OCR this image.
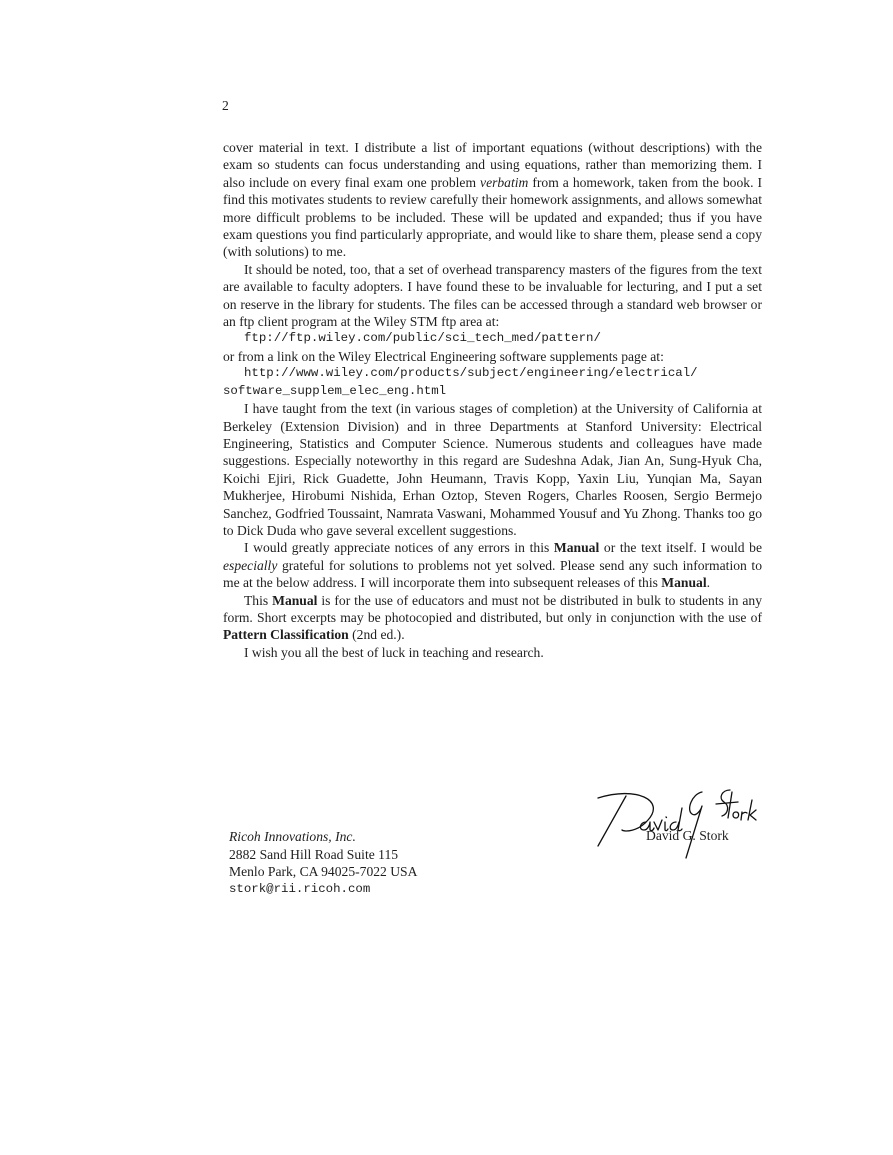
2

cover material in text. I distribute a list of important equations (without descriptions) with the exam so students can focus understanding and using equations, rather than memorizing them. I also include on every final exam one problem verbatim from a homework, taken from the book. I find this motivates students to review carefully their homework assignments, and allows somewhat more difficult problems to be included. These will be updated and expanded; thus if you have exam questions you find particularly appropriate, and would like to share them, please send a copy (with solutions) to me.

It should be noted, too, that a set of overhead transparency masters of the figures from the text are available to faculty adopters. I have found these to be invaluable for lecturing, and I put a set on reserve in the library for students. The files can be accessed through a standard web browser or an ftp client program at the Wiley STM ftp area at:

ftp://ftp.wiley.com/public/sci_tech_med/pattern/

or from a link on the Wiley Electrical Engineering software supplements page at:

http://www.wiley.com/products/subject/engineering/electrical/
software_supplem_elec_eng.html

I have taught from the text (in various stages of completion) at the University of California at Berkeley (Extension Division) and in three Departments at Stanford University: Electrical Engineering, Statistics and Computer Science. Numerous students and colleagues have made suggestions. Especially noteworthy in this regard are Sudeshna Adak, Jian An, Sung-Hyuk Cha, Koichi Ejiri, Rick Guadette, John Heumann, Travis Kopp, Yaxin Liu, Yunqian Ma, Sayan Mukherjee, Hirobumi Nishida, Erhan Oztop, Steven Rogers, Charles Roosen, Sergio Bermejo Sanchez, Godfried Toussaint, Namrata Vaswani, Mohammed Yousuf and Yu Zhong. Thanks too go to Dick Duda who gave several excellent suggestions.

I would greatly appreciate notices of any errors in this Manual or the text itself. I would be especially grateful for solutions to problems not yet solved. Please send any such information to me at the below address. I will incorporate them into subsequent releases of this Manual.

This Manual is for the use of educators and must not be distributed in bulk to students in any form. Short excerpts may be photocopied and distributed, but only in conjunction with the use of Pattern Classification (2nd ed.).

I wish you all the best of luck in teaching and research.

David G. Stork
Ricoh Innovations, Inc.
2882 Sand Hill Road Suite 115
Menlo Park, CA 94025-7022 USA
stork@rii.ricoh.com
